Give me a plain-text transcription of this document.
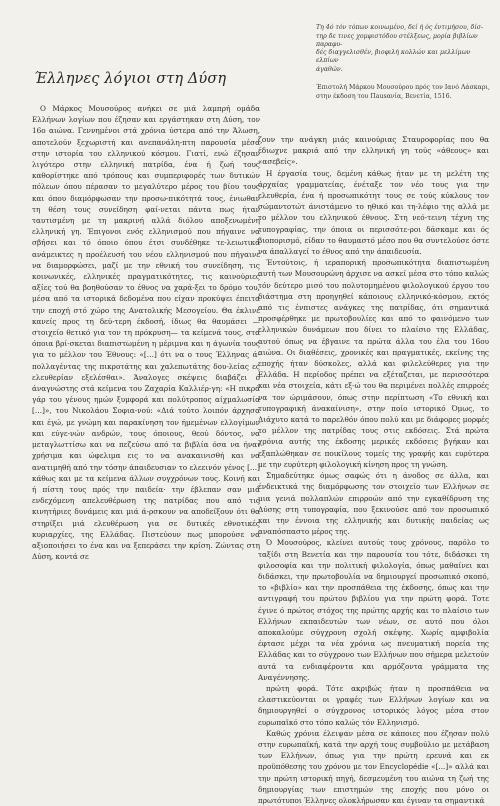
Τη 4ό τόν τόπων κοινωμένο, δεί ή ός έντιμήσου, δίσ-
τηρ δε τινες χομφιστόδου στέλξεως, μορία βιβλίων παραφυ-
δές διαγγελισθέν, βιοφιλή κολλών και μελλίμων ελπίων
άγαθών.

Έπιστολή Μάρκου Μουσούρου πρός τον Ιανό Λάσκαρι,
στην έκδοση του Πausανία, Βενετία, 1516.

Έλληνες λόγιοι στη Δύση

Ο Μάρκος Μουσούρος ανήκει σε μιά λαμπρή ομάδα Ελλήνων λογίων που έζησαν και εργάστηκαν στη Δύση, τον 16ο αιώνα. Γεννημένοι στά χρόνια ύστερα από την Άλωση, αποτελούν ξεχωριστή και ανεπανάλη-πτη παρουσία μέσα στην ιστορία του ελληνικού κόσμου. Γιατί, ενώ έζησαν λιγότερο στην ελληνική πατρίδα, ένα ή ζωή τους καθορίστηκε από τρόπους και συμπεριφορές των δυτικών πόλεων όπου πέρασαν το μεγαλύτερο μέρος του βίου τους και όπου διαμόρφωσαν την προσω-πικότητά τους, ένιωθαν τη θέση τους συνείδηση φαί-νεται πάντα πως ήταν ταυτισμένη με τη μακρινή αλλά διόλου αποξενωμένη ελληνική γη. Έπιγονοι ενός ελληνισμού που πήγαινε να σβήσει και τό όποιο όπου έτσι συνδέθηκε τε-λειωτικά ανάμεικτες η προέλευσή του νέου ελληνισμού που πήγαινε να διαμορφώσει, μαζί με την εθνική του συνείδηση, τις κοινωνικές, ελληνικές πραγματικότητες, τις καινούριες αξίες τού θα βοηθούσαν το έθνος να χαρά-ξει το δρόμο του, μέσα από τα ιστορικά δεδομένα που είχαν προκύψει έπειτα την εποχή στό χώρο της Ανατολικής Μεσογείου. Θα έκλινε κανείς προς τη δεύ-τερη έκδοσή, ίδιως θα θαυμάσει —στοιχείο θετικό για τον τη πρόκρυση— τα κείμενά τους, στα όποια βρί-σκεται διαπιστωμένη η μέριμνα και η άγωνία τους για το μέλλον του Έθνους: «[…] ότι να ο τους Έλληνας ά-πολλαγέντας της πικροτάτης και χαλεπωτάτης δου-λείας ες ελευθερίαν εξελέσθαι». Άναλογες σκέψεις διαβάζει ό άναγνώστης στά κείμενα του Ζαχαρία Καλλιέρ-γη: «Η πικρά γάρ του γένους ημών ξυμφορά και πολύτροπος αίχμαλωσία […]», του Νικολάου Σοφια-νού: «Διά τούτο λοιπόν άρχησα και έγώ, με γνώμη και παρακίνηση τον ήμεμένων ελλογίμων και εύγε-νών ανδρών, τους όποιους, θεού δόντος, να μεταγλωττίσω και να πεζεύσω από τα βιβλία όσα να ήναι χρήσιμα και ώφελιμα εις το να ανακαινισθή και να ανατιμηθή από την τόσην άπαιδευσιαν το ελεεινόν γένος […] κάθως και με τα κείμενα άλλων συγχρόνων τους. Κοινή και ή πίστη τους πρός την παιδεία· την έβλεπαν σαν μιά ενδεχόμενη απελευθέρωση της πατρίδας που από τις κινητήριες δυνάμεις και μιά ά-ρσκουν να αποδείξουν ότι θα στηρίξει μιά ελευθέρωση για σε δυτικές εθνοτικές κυριαρχίες, της Ελλάδας. Πιστεύουν πως μπορούσε να αξιοποιήσει το ένα και να ξεπεράσει την κρίση. Ζώντας στη Δύση, κοντά σε

ζουν την ανάγκη μιάς καινούριας Σταυροφορίας που θα έδιωχνε μακριά από την ελληνική γη τούς «άθεους» και «ασεβείς».

Η έργασία τους, δεμένη κάθως ήταν με τη μελέτη της άρχαίας γραμματείας, ένέταξε τον νέο τους για την ελευθερία, ένα ή προσωπικότητ τους σε τούς κύκλους τον σώμαντοτώτ άνιστάμενο το ηθικό και τη-λέφιο της αλλά με το μέλλον του ελληνικού έθνους. Στη νεό-τεινη τέχνη της τυπογραφίας, την όποια οι περισσότε-ροι δάσκαμε και ός βιοπορισμό, είδαν το θαυμαστό μέσο που θα συντελούσε όστε να άπαλλαγεί το έθνος από την άπαιδευσία.

Έντούτοις, ή ιεραπορική προσωπικότητα διαπιστωμένη αυτή των Μουσουρώνη άρχισε να ασκεί μέσα στο τόπο καλώς τόν δεύτερο μισό του πολυτομημένου φιλολογικού έργου του διάστημα στη προηγηθεί κάποιους ελληνικό-κόσμου, εκτός από τις ένπιστες ανάγκες της πατρίδας, ότι σημαντικά προσφέρθηκε με πρωτοβουλίες και από το φαινόμενο των ελληνικών δυνάμεων που δίνει το πλαίσιο της Ελλάδας, αυτού όπως να έβγαινε τα πρώτα άλλα του έλα του 16ου αιώνα. Οι διαθέσεις, χρονικές και πραγματικές, εκείνης της εποχής ήταν δύσκολες, αλλά και φιλελεύθερες για την Ελλάδα. Η περίοδος πρέπει να εξέταζεται, με περισσότερα και νέα στοιχεία, κάτι εξ-ώ του θα περιμένει πολλές επιρροές να τον ώριμάσουν, όπως στην περίπτωση «Το εθνική και τυπογραφική άνακαίνιση», στην ποίο ιστορικό Όμως, το Διάχυτο κατά το παρελθόν όπου πολύ και με διάφορες μορφές το μέλλον της πατρίδας τους στις εκδόσεις. Στά πρώτα χρόνια αυτής της έκδοσης μερικές εκδόσεις βγήκαν και εξαπλώθηκαν σε ποικίλους τομείς της γραφής και ευρύτερα με την ευρύτερη φιλολογική κίνηση προς τη γνώση.

Σημαδεύτηκε όμως σαφώς ότι η άνοδος σε άλλα, και ένδεικτικά της διαμόρφωσης τον στοιχείο των Ελλήνων σε μια γενιά πολλαπλών επιρροών από την εγκαθίδρυση της Δύσης στη τυπογραφία, που ξεκινούσε από τον προσωπικό και την έννοια της ελληνικής και δυτικής παιδείας ως αναπόσπαστο μέρος της.

Ό Μουσούρος, κλείνει αυτούς τους χρόνους, παρόλο το ταξίδι στη Βενετία και την παρουσία του τότε, διδάσκει τη φιλοσοφία και την πολιτική φιλολογία, όπως μαθαίνει και διδάσκει, την πρωτοβουλία να δημιουργεί προσωπικό σκοπό, το «βιβλίο» και την προσπάθεια της έκδοσης, όπως και την αντιγραφή του πρώτου βιβλίου για την πρώτη φορά. Τοτε έγινε ό πρώτος στόχος της πρώτης αρχής και το πλαίσιο των Ελλήνων εκπαιδευτών των νέων, σε αυτό που όλοι αποκαλούμε σύγχρονη σχολή σκέψης. Χωρίς αμφιβολία έφτασε μέχρι τα νέα χρόνια ως πνευματική πορεία της Ελλάδας και το σύγχρονο των Ελλήνων που σήμερα μελετούν αυτά τα ενδιαφέροντα και αρμόζοντα γράμματα της Αναγέννησης.

πρώτη φορά. Τότε ακριβώς ήταν η προσπάθεια να ελαστικεύονται οι γραφές των Ελλήνων λογίων και να δημιουργηθεί ο σύγχρονος ιστορικός λόγος μέσα στον ευρωπαϊκό στο τόπο καλώς τόν Ελληνισμό.

Καθώς χρόνια έλειψαν μέσα σε κάποιες που έζησαν πολύ στην ευρωπαϊκή, κατά την αρχή τους συμβούλιο με μετάβαση των Ελλήνων, όπως για την πρώτη ερευνά και εκ προϋπόθεσης του χρόνου με τον Encyclopédie «[...]» αλλά και την πρώτη ιστορική πηγή, δεσμευμένη του αιώνα τη ζωή της δημιουργίας των επιστημών της εποχής που μόνο οι πρωτότυποι Έλληνες ολοκλήρωσαν και έγιναν τα σημαντικά
